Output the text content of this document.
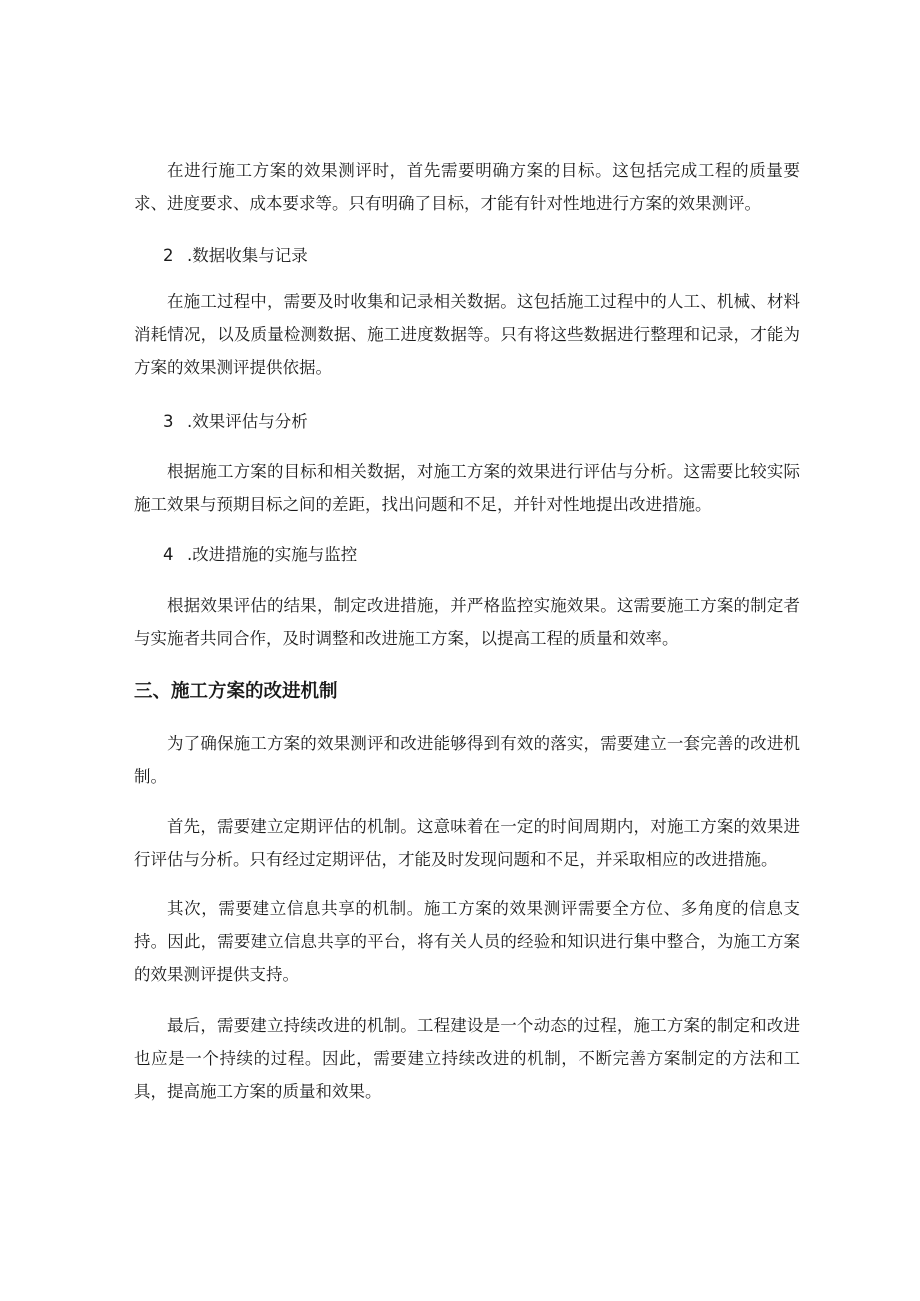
在进行施工方案的效果测评时，首先需要明确方案的目标。这包括完成工程的质量要求、进度要求、成本要求等。只有明确了目标，才能有针对性地进行方案的效果测评。

2 .数据收集与记录

在施工过程中，需要及时收集和记录相关数据。这包括施工过程中的人工、机械、材料消耗情况，以及质量检测数据、施工进度数据等。只有将这些数据进行整理和记录，才能为方案的效果测评提供依据。

3 .效果评估与分析

根据施工方案的目标和相关数据，对施工方案的效果进行评估与分析。这需要比较实际施工效果与预期目标之间的差距，找出问题和不足，并针对性地提出改进措施。

4 .改进措施的实施与监控

根据效果评估的结果，制定改进措施，并严格监控实施效果。这需要施工方案的制定者与实施者共同合作，及时调整和改进施工方案，以提高工程的质量和效率。

三、施工方案的改进机制

为了确保施工方案的效果测评和改进能够得到有效的落实，需要建立一套完善的改进机制。

首先，需要建立定期评估的机制。这意味着在一定的时间周期内，对施工方案的效果进行评估与分析。只有经过定期评估，才能及时发现问题和不足，并采取相应的改进措施。

其次，需要建立信息共享的机制。施工方案的效果测评需要全方位、多角度的信息支持。因此，需要建立信息共享的平台，将有关人员的经验和知识进行集中整合，为施工方案的效果测评提供支持。

最后，需要建立持续改进的机制。工程建设是一个动态的过程，施工方案的制定和改进也应是一个持续的过程。因此，需要建立持续改进的机制，不断完善方案制定的方法和工具，提高施工方案的质量和效果。
